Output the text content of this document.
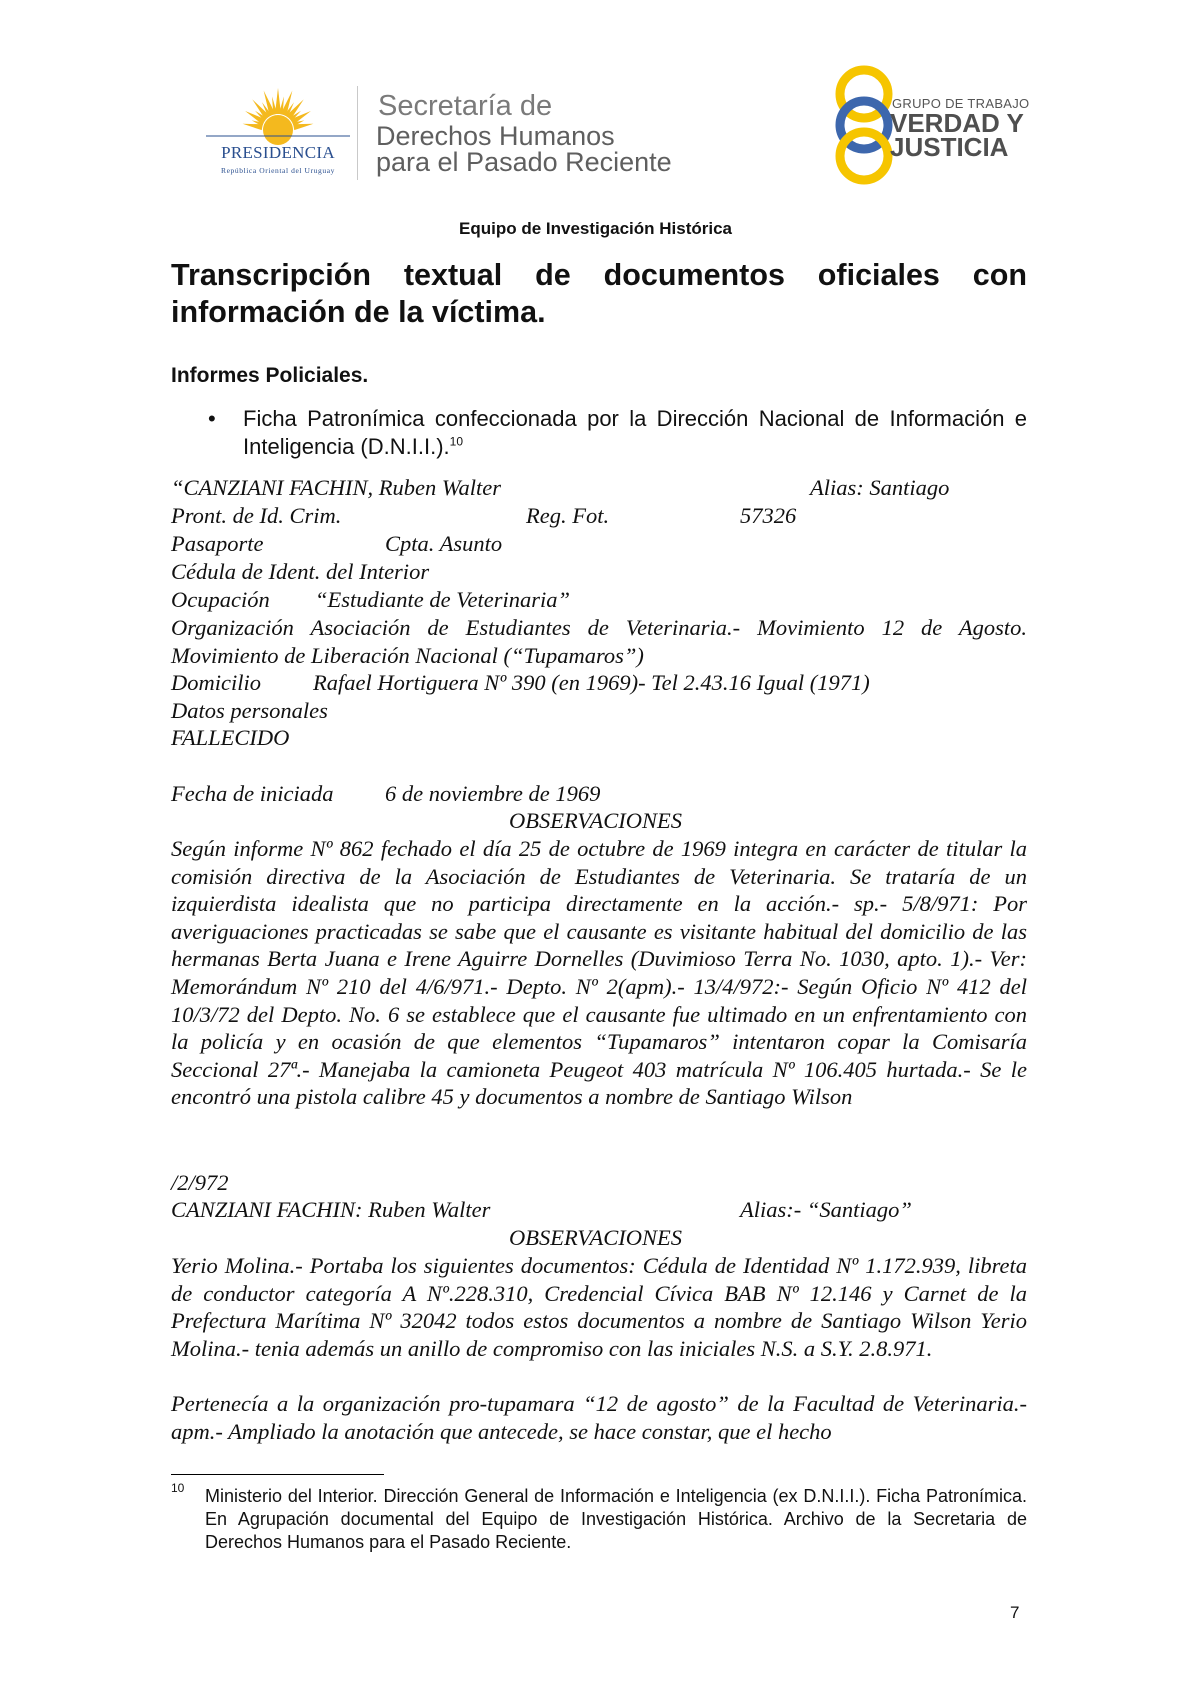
PRESIDENCIA
República Oriental del Uruguay
Secretaría de
Derechos Humanos
para el Pasado Reciente
GRUPO DE TRABAJO
VERDAD Y
JUSTICIA
Equipo de Investigación Histórica
Transcripción textual de documentos oficiales con información de la víctima.
Informes Policiales.
• Ficha Patronímica confeccionada por la Dirección Nacional de Información e Inteligencia (D.N.I.I.).$^{10}$
“CANZIANI FACHIN, Ruben Walter	Alias: Santiago
Pront. de Id. Crim.	Reg. Fot.	57326
Pasaporte	Cpta. Asunto
Cédula de Ident. del Interior
Ocupación “Estudiante de Veterinaria”
Organización Asociación de Estudiantes de Veterinaria.- Movimiento 12 de Agosto. Movimiento de Liberación Nacional (“Tupamaros”)
Domicilio Rafael Hortiguera Nº 390 (en 1969)- Tel 2.43.16 Igual (1971)
Datos personales
FALLECIDO
Fecha de iniciada 6 de noviembre de 1969
OBSERVACIONES
Según informe Nº 862 fechado el día 25 de octubre de 1969 integra en carácter de titular la comisión directiva de la Asociación de Estudiantes de Veterinaria. Se trataría de un izquierdista idealista que no participa directamente en la acción.- sp.- 5/8/971: Por averiguaciones practicadas se sabe que el causante es visitante habitual del domicilio de las hermanas Berta Juana e Irene Aguirre Dornelles (Duvimioso Terra No. 1030, apto. 1).- Ver: Memorándum Nº 210 del 4/6/971.- Depto. Nº 2(apm).- 13/4/972:- Según Oficio Nº 412 del 10/3/72 del Depto. No. 6 se establece que el causante fue ultimado en un enfrentamiento con la policía y en ocasión de que elementos “Tupamaros” intentaron copar la Comisaría Seccional 27ª.- Manejaba la camioneta Peugeot 403 matrícula Nº 106.405 hurtada.- Se le encontró una pistola calibre 45 y documentos a nombre de Santiago Wilson
/2/972
CANZIANI FACHIN: Ruben Walter	Alias:- “Santiago”
OBSERVACIONES
Yerio Molina.- Portaba los siguientes documentos: Cédula de Identidad Nº 1.172.939, libreta de conductor categoría A Nº.228.310, Credencial Cívica BAB Nº 12.146 y Carnet de la Prefectura Marítima Nº 32042 todos estos documentos a nombre de Santiago Wilson Yerio Molina.- tenia además un anillo de compromiso con las iniciales N.S. a S.Y. 2.8.971.
Pertenecía a la organización pro-tupamara “12 de agosto” de la Facultad de Veterinaria.- apm.- Ampliado la anotación que antecede, se hace constar, que el hecho
10 Ministerio del Interior. Dirección General de Información e Inteligencia (ex D.N.I.I.). Ficha Patronímica. En Agrupación documental del Equipo de Investigación Histórica. Archivo de la Secretaria de Derechos Humanos para el Pasado Reciente.
7
